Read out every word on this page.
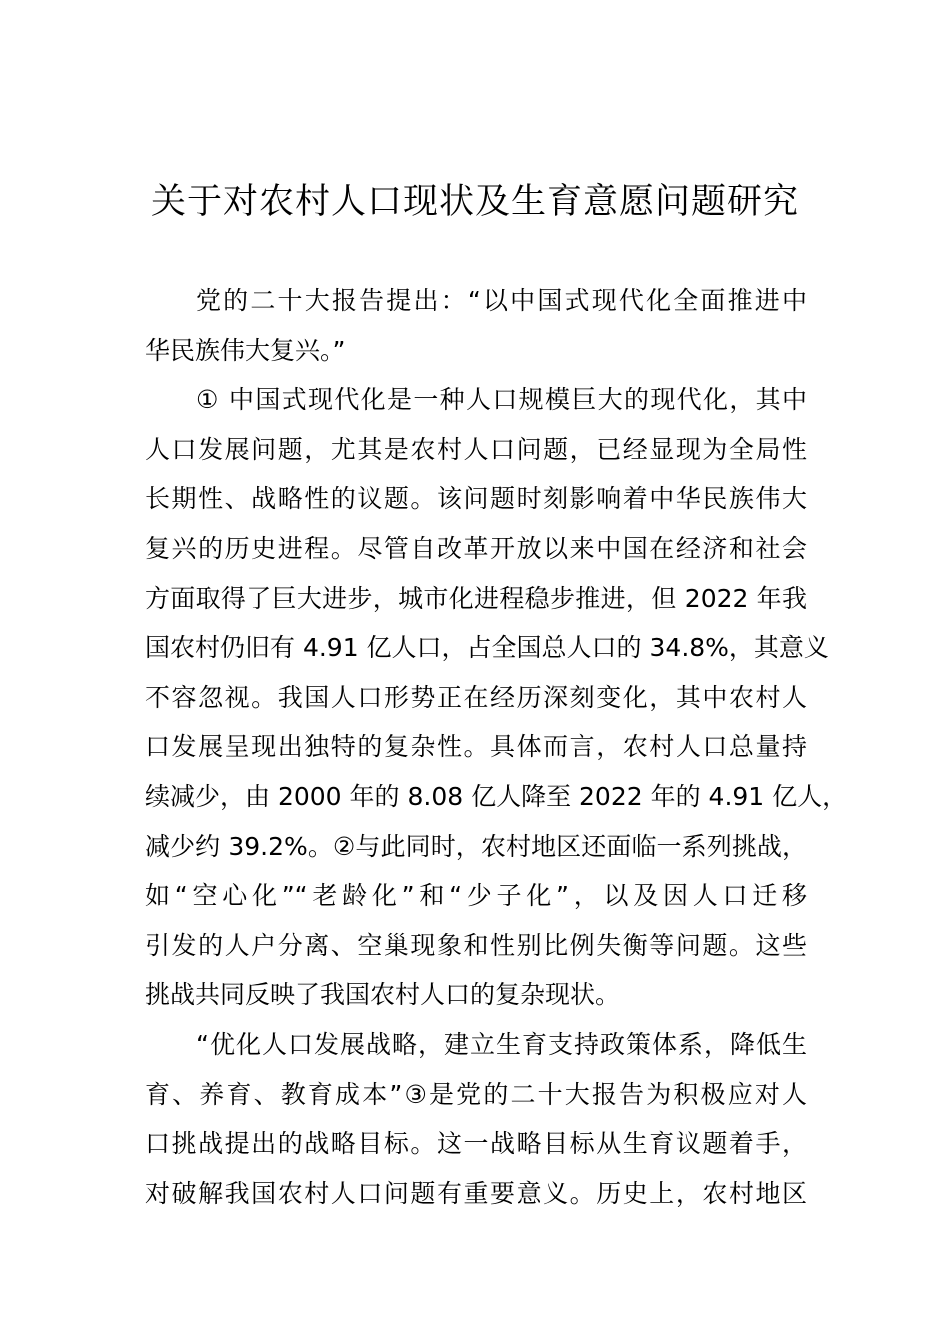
关于对农村人口现状及生育意愿问题研究
党的二十大报告提出：“以中国式现代化全面推进中
华民族伟大复兴。”
① 中国式现代化是一种人口规模巨大的现代化，其中
人口发展问题，尤其是农村人口问题，已经显现为全局性
长期性、战略性的议题。该问题时刻影响着中华民族伟大
复兴的历史进程。尽管自改革开放以来中国在经济和社会
方面取得了巨大进步，城市化进程稳步推进，但 2022 年我
国农村仍旧有 4.91 亿人口，占全国总人口的 34.8%，其意义
不容忽视。我国人口形势正在经历深刻变化，其中农村人
口发展呈现出独特的复杂性。具体而言，农村人口总量持
续减少，由 2000 年的 8.08 亿人降至 2022 年的 4.91 亿人，
减少约 39.2%。②与此同时，农村地区还面临一系列挑战，
如“空心化”“老龄化”和“少子化”，以及因人口迁移
引发的人户分离、空巢现象和性别比例失衡等问题。这些
挑战共同反映了我国农村人口的复杂现状。
“优化人口发展战略，建立生育支持政策体系，降低生
育、养育、教育成本”③是党的二十大报告为积极应对人
口挑战提出的战略目标。这一战略目标从生育议题着手，
对破解我国农村人口问题有重要意义。历史上，农村地区
